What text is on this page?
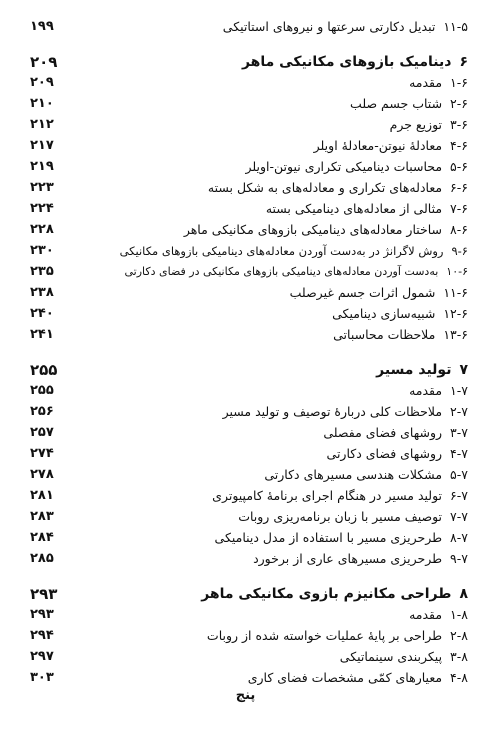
۱۱-۵تبدیل دکارتی سرعتها و نیروهای استاتیکی
۱۹۹
۶دینامیک بازوهای مکانیکی ماهر
۲۰۹
۱-۶مقدمه
۲۰۹
۲-۶شتاب جسم صلب
۲۱۰
۳-۶توزیع جرم
۲۱۲
۴-۶معادلهٔ نیوتن-معادلهٔ اویلر
۲۱۷
۵-۶محاسبات دینامیکی تکراری نیوتن-اویلر
۲۱۹
۶-۶معادله‌های تکراری و معادله‌های به شکل بسته
۲۲۳
۷-۶مثالی از معادله‌های دینامیکی بسته
۲۲۴
۸-۶ساختار معادله‌های دینامیکی بازوهای مکانیکی ماهر
۲۲۸
۹-۶روش لاگرانژ در به‌دست آوردن معادله‌های دینامیکی بازوهای مکانیکی
۲۳۰
۱۰-۶به‌دست آوردن معادله‌های دینامیکی بازوهای مکانیکی در فضای دکارتی
۲۳۵
۱۱-۶شمول اثرات جسم غیرصلب
۲۳۸
۱۲-۶شبیه‌سازی دینامیکی
۲۴۰
۱۳-۶ملاحظات محاسباتی
۲۴۱
۷تولید مسیر
۲۵۵
۱-۷مقدمه
۲۵۵
۲-۷ملاحظات کلی دربارهٔ توصیف و تولید مسیر
۲۵۶
۳-۷روشهای فضای مفصلی
۲۵۷
۴-۷روشهای فضای دکارتی
۲۷۴
۵-۷مشکلات هندسی مسیرهای دکارتی
۲۷۸
۶-۷تولید مسیر در هنگام اجرای برنامهٔ کامپیوتری
۲۸۱
۷-۷توصیف مسیر با زبان برنامه‌ریزی روبات
۲۸۳
۸-۷طرحریزی مسیر با استفاده از مدل دینامیکی
۲۸۴
۹-۷طرحریزی مسیرهای عاری از برخورد
۲۸۵
۸طراحی مکانیزم بازوی مکانیکی ماهر
۲۹۳
۱-۸مقدمه
۲۹۳
۲-۸طراحی بر پایهٔ عملیات خواسته شده از روبات
۲۹۴
۳-۸پیکربندی سینماتیکی
۲۹۷
۴-۸معیارهای کمّی مشخصات فضای کاری
۳۰۳
پنج
